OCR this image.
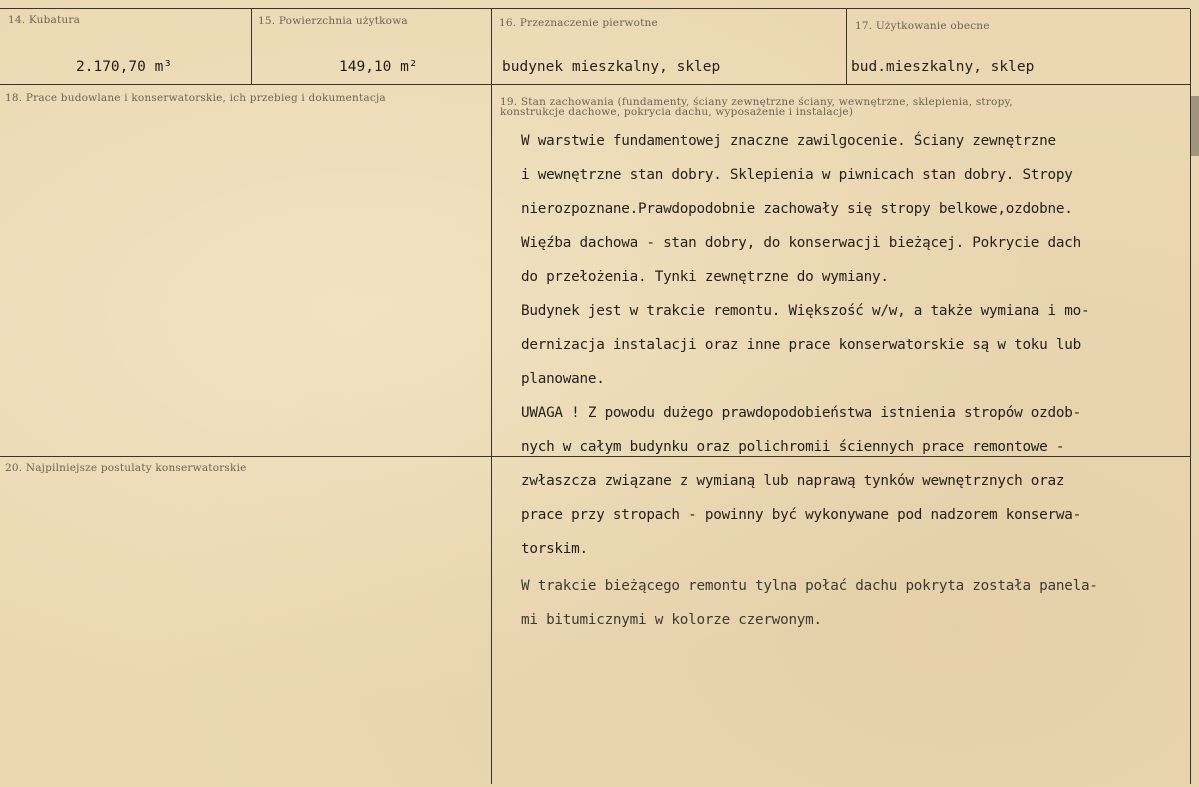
14. Kubatura
2.170,70 m³
15. Powierzchnia użytkowa
149,10 m²
16. Przeznaczenie pierwotne
budynek mieszkalny, sklep
17. Użytkowanie obecne
bud.mieszkalny, sklep
18. Prace budowlane i konserwatorskie, ich przebieg i dokumentacja	19. Stan zachowania (fundamenty, ściany zewnętrzne ściany, wewnętrzne, sklepienia, stropy,
konstrukcje dachowe, pokrycia dachu, wyposażenie i instalacje)
W warstwie fundamentowej znaczne zawilgocenie. Ściany zewnętrzne
i wewnętrzne stan dobry. Sklepienia w piwnicach stan dobry. Stropy
nierozpoznane.Prawdopodobnie zachowały się stropy belkowe,ozdobne.
Więźba dachowa - stan dobry, do konserwacji bieżącej. Pokrycie dach
do przełożenia. Tynki zewnętrzne do wymiany.
Budynek jest w trakcie remontu. Większość w/w, a także wymiana i mo-
dernizacja instalacji oraz inne prace konserwatorskie są w toku lub
planowane.
UWAGA ! Z powodu dużego prawdopodobieństwa istnienia stropów ozdob-
nych w całym budynku oraz polichromii ściennych prace remontowe -
zwłaszcza związane z wymianą lub naprawą tynków wewnętrznych oraz
prace przy stropach - powinny być wykonywane pod nadzorem konserwa-
torskim.
W trakcie bieżącego remontu tylna połać dachu pokryta została panela-
mi bitumicznymi w kolorze czerwonym.
20. Najpilniejsze postulaty konserwatorskie
